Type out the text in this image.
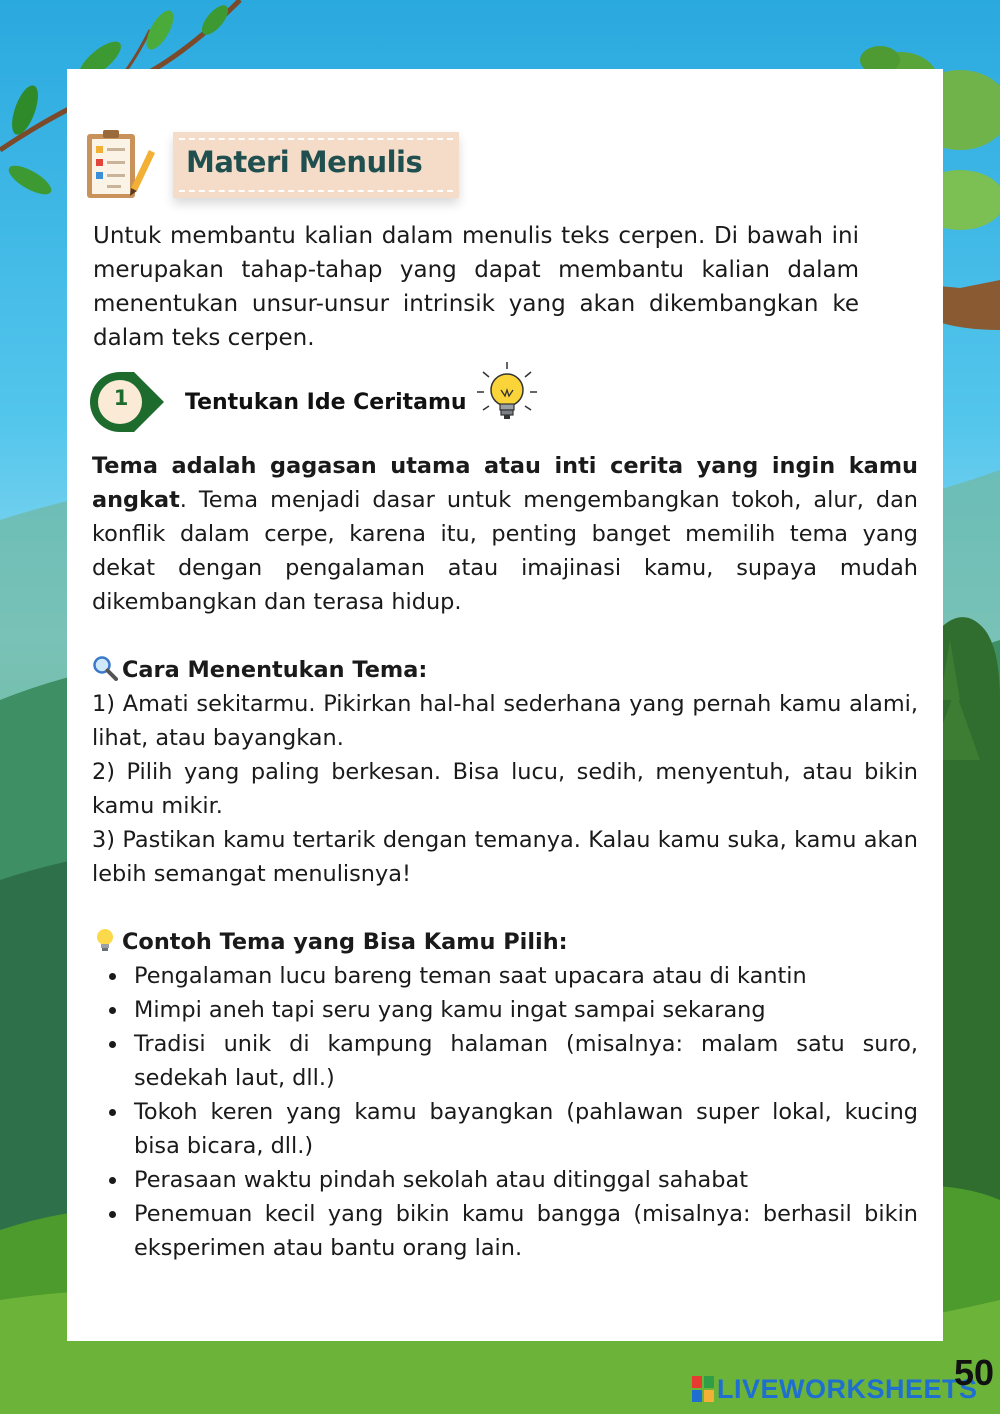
Materi Menulis
Untuk membantu kalian dalam menulis teks cerpen. Di bawah ini merupakan tahap-tahap yang dapat membantu kalian dalam menentukan unsur-unsur intrinsik yang akan dikembangkan ke dalam teks cerpen.
1	Tentukan Ide Ceritamu

Tema adalah gagasan utama atau inti cerita yang ingin kamu angkat. Tema menjadi dasar untuk mengembangkan tokoh, alur, dan konflik dalam cerpe, karena itu, penting banget memilih tema yang dekat dengan pengalaman atau imajinasi kamu, supaya mudah dikembangkan dan terasa hidup.

Cara Menentukan Tema:

1) Amati sekitarmu. Pikirkan hal-hal sederhana yang pernah kamu alami, lihat, atau bayangkan.

2) Pilih yang paling berkesan. Bisa lucu, sedih, menyentuh, atau bikin kamu mikir.

3) Pastikan kamu tertarik dengan temanya. Kalau kamu suka, kamu akan lebih semangat menulisnya!

Contoh Tema yang Bisa Kamu Pilih:

Pengalaman lucu bareng teman saat upacara atau di kantin
Mimpi aneh tapi seru yang kamu ingat sampai sekarang
Tradisi unik di kampung halaman (misalnya: malam satu suro, sedekah laut, dll.)
Tokoh keren yang kamu bayangkan (pahlawan super lokal, kucing bisa bicara, dll.)
Perasaan waktu pindah sekolah atau ditinggal sahabat
Penemuan kecil yang bikin kamu bangga (misalnya: berhasil bikin eksperimen atau bantu orang lain.
LIVEWORKSHEETS
50
